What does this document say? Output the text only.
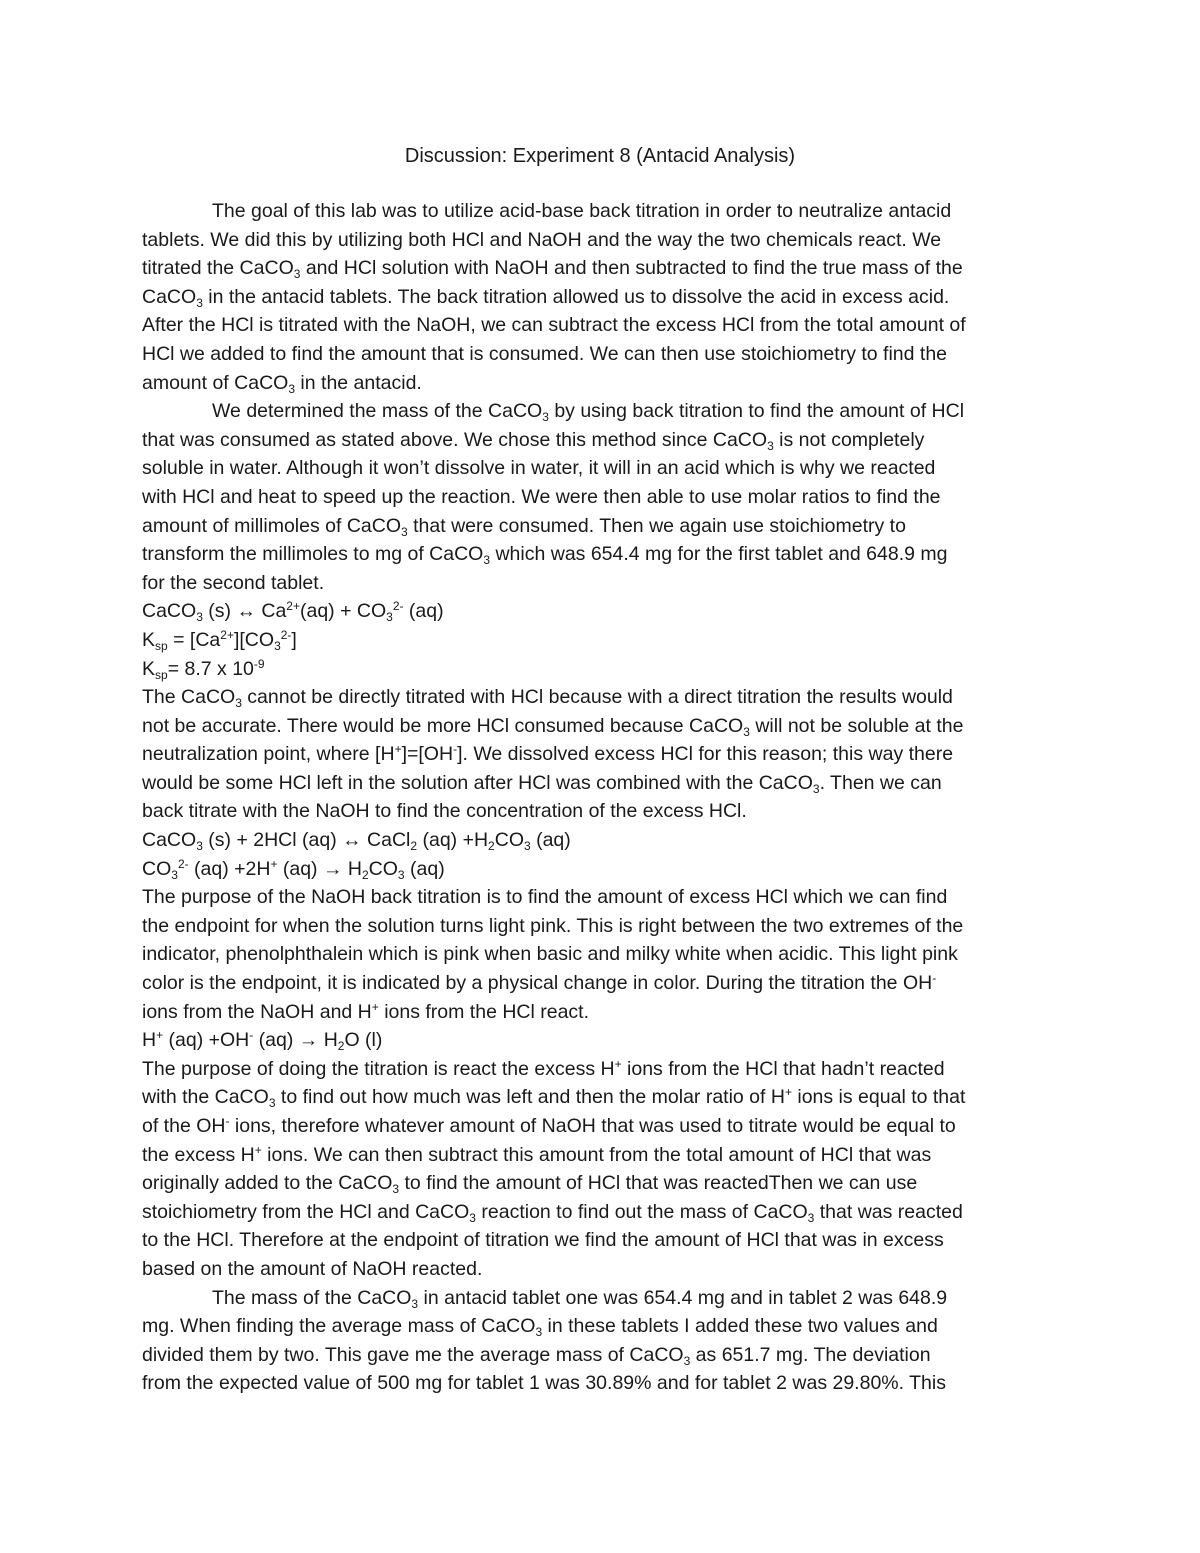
Discussion: Experiment 8 (Antacid Analysis)
The goal of this lab was to utilize acid-base back titration in order to neutralize antacid
tablets. We did this by utilizing both HCl and NaOH and the way the two chemicals react. We
titrated the CaCO$_3$ and HCl solution with NaOH and then subtracted to find the true mass of the
CaCO$_3$ in the antacid tablets. The back titration allowed us to dissolve the acid in excess acid.
After the HCl is titrated with the NaOH, we can subtract the excess HCl from the total amount of
HCl we added to find the amount that is consumed. We can then use stoichiometry to find the
amount of CaCO$_3$ in the antacid.
We determined the mass of the CaCO$_3$ by using back titration to find the amount of HCl
that was consumed as stated above. We chose this method since CaCO$_3$ is not completely
soluble in water. Although it won’t dissolve in water, it will in an acid which is why we reacted
with HCl and heat to speed up the reaction. We were then able to use molar ratios to find the
amount of millimoles of CaCO$_3$ that were consumed. Then we again use stoichiometry to
transform the millimoles to mg of CaCO$_3$ which was 654.4 mg for the first tablet and 648.9 mg
for the second tablet.
CaCO$_3$ (s) ↔ $Ca^{2+}(aq) + CO_3^{2-}$ (aq)
$K_{sp} = [Ca^{2+}][CO_3^{2-}]$
$K_{sp}= 8.7$ x $10^{-9}$
The CaCO$_3$ cannot be directly titrated with HCl because with a direct titration the results would
not be accurate. There would be more HCl consumed because CaCO$_3$ will not be soluble at the
neutralization point, where [H+]=[OH-]. We dissolved excess HCl for this reason; this way there
would be some HCl left in the solution after HCl was combined with the CaCO$_3$. Then we can
back titrate with the NaOH to find the concentration of the excess HCl.
CaCO$_3$ (s) + 2HCl (aq) ↔ CaCl$_2$ $(aq) +H_2CO_3$ (aq)
$CO_3^{2-}$ (aq) +2H+ $(aq) \to H_2CO_3$ (aq)
The purpose of the NaOH back titration is to find the amount of excess HCl which we can find
the endpoint for when the solution turns light pink. This is right between the two extremes of the
indicator, phenolphthalein which is pink when basic and milky white when acidic. This light pink
color is the endpoint, it is indicated by a physical change in color. During the titration the OH-
ions from the NaOH and H+ ions from the HCl react.
H+ (aq) +OH- $(aq) \to H_2O$ (l)
The purpose of doing the titration is react the excess H+ ions from the HCl that hadn’t reacted
with the CaCO$_3$ to find out how much was left and then the molar ratio of H+ ions is equal to that
of the OH- ions, therefore whatever amount of NaOH that was used to titrate would be equal to
the excess H+ ions. We can then subtract this amount from the total amount of HCl that was
originally added to the CaCO$_3$ to find the amount of HCl that was reactedThen we can use
stoichiometry from the HCl and CaCO$_3$ reaction to find out the mass of CaCO$_3$ that was reacted
to the HCl. Therefore at the endpoint of titration we find the amount of HCl that was in excess
based on the amount of NaOH reacted.
The mass of the CaCO$_3$ in antacid tablet one was 654.4 mg and in tablet 2 was 648.9
mg. When finding the average mass of CaCO$_3$ in these tablets I added these two values and
divided them by two. This gave me the average mass of CaCO$_3$ as 651.7 mg. The deviation
from the expected value of 500 mg for tablet 1 was 30.89% and for tablet 2 was 29.80%. This
